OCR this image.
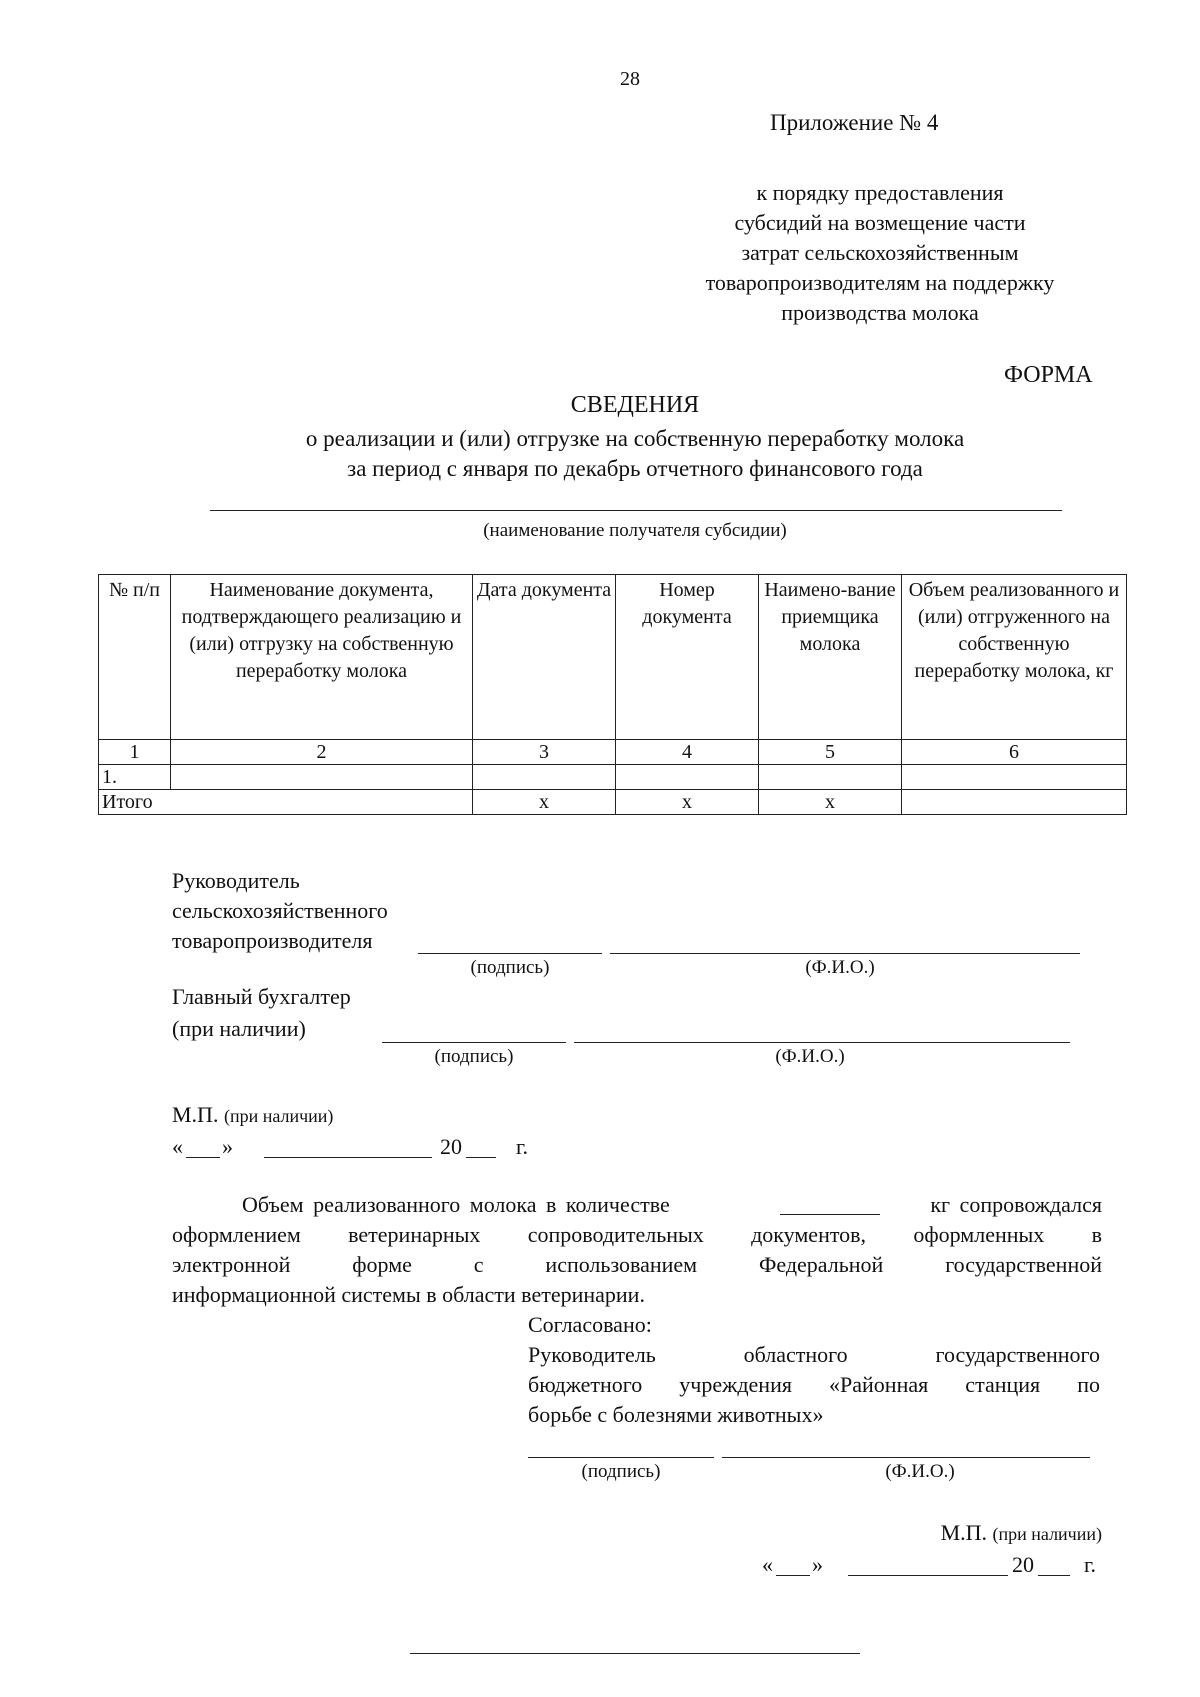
28
Приложение № 4
к порядку предоставления
субсидий на возмещение части
затрат сельскохозяйственным
товаропроизводителям на поддержку
производства молока
ФОРМА
СВЕДЕНИЯ
о реализации и (или) отгрузке на собственную переработку молока
за период с января по декабрь отчетного финансового года
(наименование получателя субсидии)
№ п/п	Наименование документа, подтверждающего реализацию и (или) отгрузку на собственную переработку молока	Дата документа	Номер документа	Наимено-вание приемщика молока	Объем реализованного и (или) отгруженного на собственную переработку молока, кг
1	2	3	4	5	6
1.					
Итого		x	x	x	
Руководитель
сельскохозяйственного
товаропроизводителя
(подпись)	(Ф.И.О.)
Главный бухгалтер
(при наличии)
(подпись)	(Ф.И.О.)
М.П. (при наличии)
« »	20 г.
Объем реализованного молока в количестве	кг сопровождался
оформлением ветеринарных сопроводительных документов, оформленных в
электронной форме с использованием Федеральной государственной
информационной системы в области ветеринарии.
Согласовано:
Руководитель областного государственного
бюджетного учреждения «Районная станция по
борьбе с болезнями животных»
(подпись)	(Ф.И.О.)
М.П. (при наличии)
« »	20 г.
